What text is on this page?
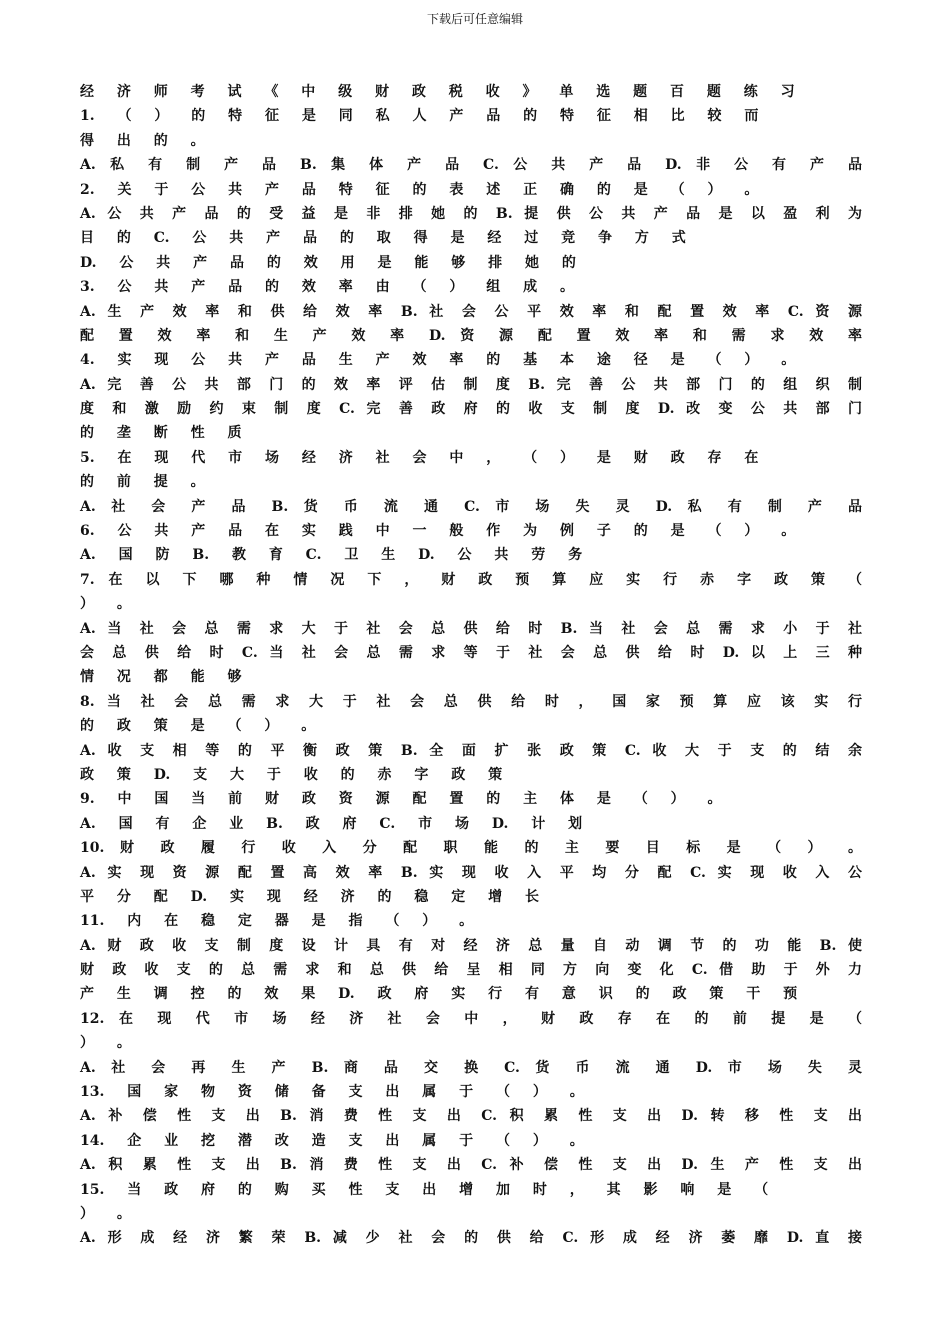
下载后可任意编辑
经 济 师 考 试 《 中 级 财 政 税 收 》 单 选 题 百 题 练 习
1. （ ） 的 特 征 是 同 私 人 产 品 的 特 征 相 比 较 而
得 出 的 。
A. 私 有 制 产 品 B. 集 体 产 品 C. 公 共 产 品 D. 非 公 有 产 品
2. 关 于 公 共 产 品 特 征 的 表 述 正 确 的 是 （ ） 。
A. 公 共 产 品 的 受 益 是 非 排 她 的 B. 提 供 公 共 产 品 是 以 盈 利 为
目 的 C. 公 共 产 品 的 取 得 是 经 过 竞 争 方 式
D. 公 共 产 品 的 效 用 是 能 够 排 她 的
3. 公 共 产 品 的 效 率 由 （ ） 组 成 。
A. 生 产 效 率 和 供 给 效 率 B. 社 会 公 平 效 率 和 配 置 效 率 C. 资 源
配 置 效 率 和 生 产 效 率 D. 资 源 配 置 效 率 和 需 求 效 率
4. 实 现 公 共 产 品 生 产 效 率 的 基 本 途 径 是 （ ） 。
A. 完 善 公 共 部 门 的 效 率 评 估 制 度 B. 完 善 公 共 部 门 的 组 织 制
度 和 激 励 约 束 制 度 C. 完 善 政 府 的 收 支 制 度 D. 改 变 公 共 部 门
的 垄 断 性 质
5. 在 现 代 市 场 经 济 社 会 中 ， （ ） 是 财 政 存 在
的 前 提 。
A. 社 会 产 品 B. 货 币 流 通 C. 市 场 失 灵 D. 私 有 制 产 品
6. 公 共 产 品 在 实 践 中 一 般 作 为 例 子 的 是 （ ） 。
A. 国 防 B. 教 育 C. 卫 生 D. 公 共 劳 务
7. 在 以 下 哪 种 情 况 下 ， 财 政 预 算 应 实 行 赤 字 政 策 （
） 。
A. 当 社 会 总 需 求 大 于 社 会 总 供 给 时 B. 当 社 会 总 需 求 小 于 社
会 总 供 给 时 C. 当 社 会 总 需 求 等 于 社 会 总 供 给 时 D. 以 上 三 种
情 况 都 能 够
8. 当 社 会 总 需 求 大 于 社 会 总 供 给 时 ， 国 家 预 算 应 该 实 行
的 政 策 是 （ ） 。
A. 收 支 相 等 的 平 衡 政 策 B. 全 面 扩 张 政 策 C. 收 大 于 支 的 结 余
政 策 D. 支 大 于 收 的 赤 字 政 策
9. 中 国 当 前 财 政 资 源 配 置 的 主 体 是 （ ） 。
A. 国 有 企 业 B. 政 府 C. 市 场 D. 计 划
10. 财 政 履 行 收 入 分 配 职 能 的 主 要 目 标 是 （ ） 。
A. 实 现 资 源 配 置 高 效 率 B. 实 现 收 入 平 均 分 配 C. 实 现 收 入 公
平 分 配 D. 实 现 经 济 的 稳 定 增 长
11. 内 在 稳 定 器 是 指 （ ） 。
A. 财 政 收 支 制 度 设 计 具 有 对 经 济 总 量 自 动 调 节 的 功 能 B. 使
财 政 收 支 的 总 需 求 和 总 供 给 呈 相 同 方 向 变 化 C. 借 助 于 外 力
产 生 调 控 的 效 果 D. 政 府 实 行 有 意 识 的 政 策 干 预
12. 在 现 代 市 场 经 济 社 会 中 ， 财 政 存 在 的 前 提 是 （
） 。
A. 社 会 再 生 产 B. 商 品 交 换 C. 货 币 流 通 D. 市 场 失 灵
13. 国 家 物 资 储 备 支 出 属 于 （ ） 。
A. 补 偿 性 支 出 B. 消 费 性 支 出 C. 积 累 性 支 出 D. 转 移 性 支 出
14. 企 业 挖 潜 改 造 支 出 属 于 （ ） 。
A. 积 累 性 支 出 B. 消 费 性 支 出 C. 补 偿 性 支 出 D. 生 产 性 支 出
15. 当 政 府 的 购 买 性 支 出 增 加 时 ， 其 影 响 是 （
） 。
A. 形 成 经 济 繁 荣 B. 减 少 社 会 的 供 给 C. 形 成 经 济 萎 靡 D. 直 接
